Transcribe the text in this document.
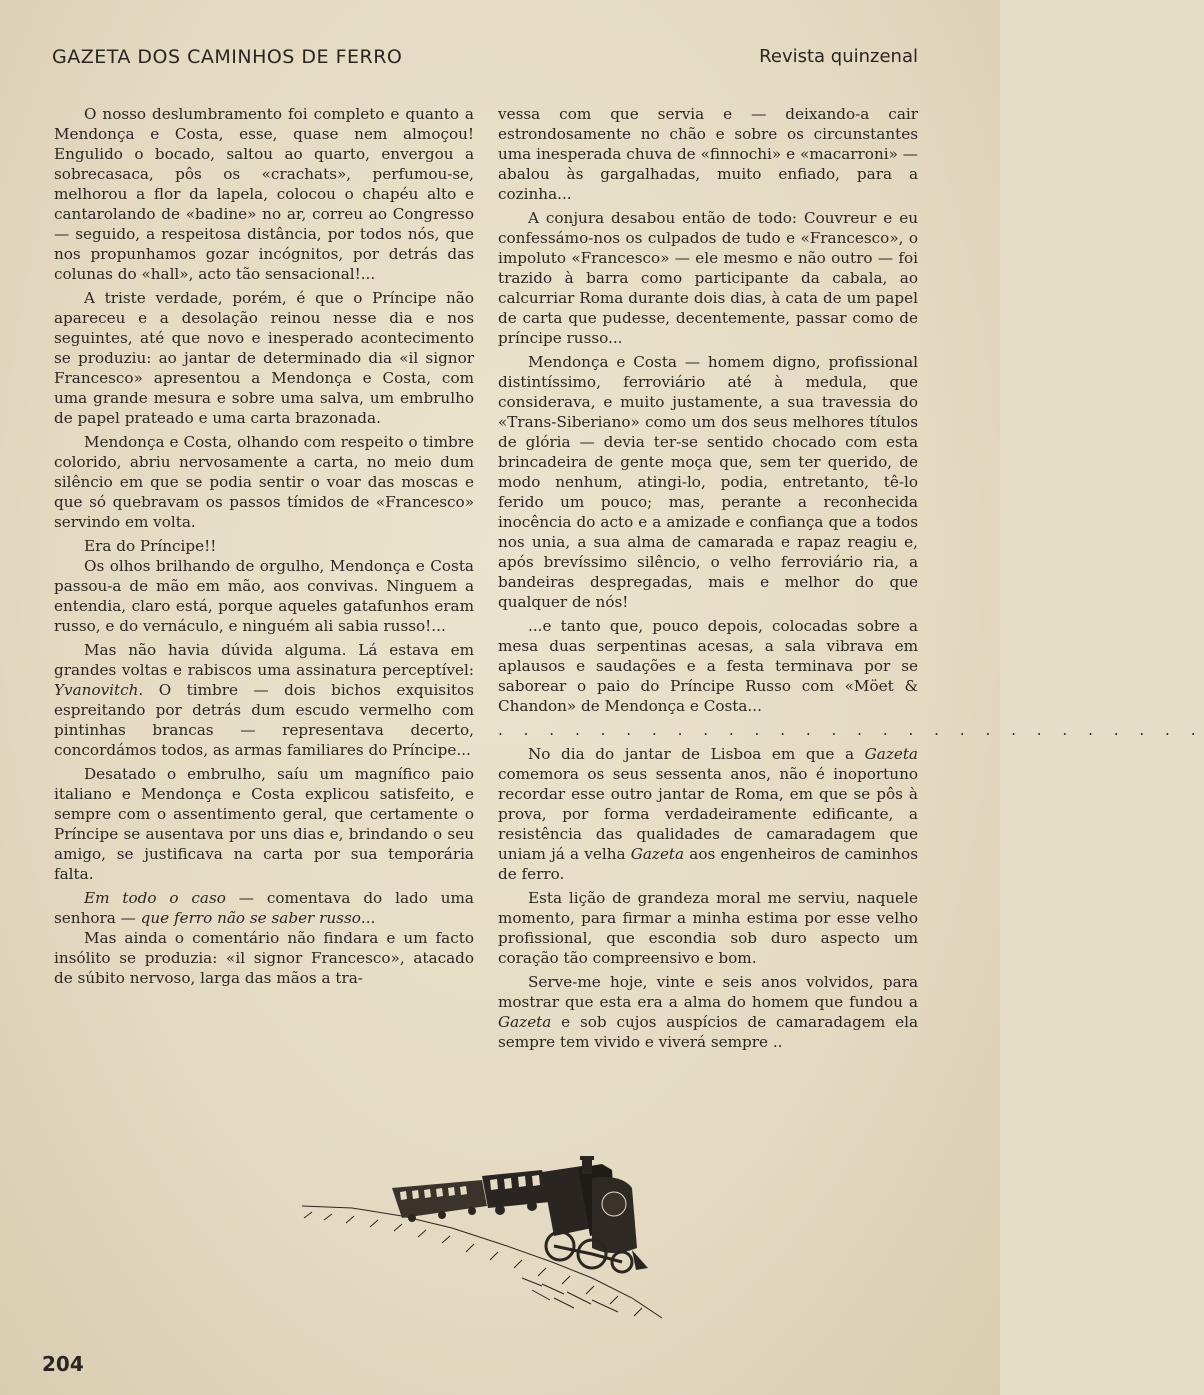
GAZETA DOS CAMINHOS DE FERRO	Revista quinzenal

O nosso deslumbramento foi completo e quanto a Mendonça e Costa, esse, quase nem almoçou! Engulido o bocado, saltou ao quarto, envergou a sobrecasaca, pôs os «crachats», perfumou-se, melhorou a flor da lapela, colocou o chapéu alto e cantarolando de «badine» no ar, correu ao Congresso — seguido, a respeitosa distância, por todos nós, que nos propunhamos gozar incógnitos, por detrás das colunas do «hall», acto tão sensacional!...

A triste verdade, porém, é que o Príncipe não apareceu e a desolação reinou nesse dia e nos seguintes, até que novo e inesperado acontecimento se produziu: ao jantar de determinado dia «il signor Francesco» apresentou a Mendonça e Costa, com uma grande mesura e sobre uma salva, um embrulho de papel prateado e uma carta brazonada.

Mendonça e Costa, olhando com respeito o timbre colorido, abriu nervosamente a carta, no meio dum silêncio em que se podia sentir o voar das moscas e que só quebravam os passos tímidos de «Francesco» servindo em volta.

Era do Príncipe!!

Os olhos brilhando de orgulho, Mendonça e Costa passou-a de mão em mão, aos convivas. Ninguem a entendia, claro está, porque aqueles gatafunhos eram russo, e do vernáculo, e ninguém ali sabia russo!...

Mas não havia dúvida alguma. Lá estava em grandes voltas e rabiscos uma assinatura perceptível: Yvanovitch. O timbre — dois bichos exquisitos espreitando por detrás dum escudo vermelho com pintinhas brancas — representava decerto, concordámos todos, as armas familiares do Príncipe...

Desatado o embrulho, saíu um magnífico paio italiano e Mendonça e Costa explicou satisfeito, e sempre com o assentimento geral, que certamente o Príncipe se ausentava por uns dias e, brindando o seu amigo, se justificava na carta por sua temporária falta.

Em todo o caso — comentava do lado uma senhora — que ferro não se saber russo...

Mas ainda o comentário não findara e um facto insólito se produzia: «il signor Francesco», atacado de súbito nervoso, larga das mãos a tra-

vessa com que servia e — deixando-a cair estrondosamente no chão e sobre os circunstantes uma inesperada chuva de «finnochi» e «macarroni» — abalou às gargalhadas, muito enfiado, para a cozinha...

A conjura desabou então de todo: Couvreur e eu confessámo-nos os culpados de tudo e «Francesco», o impoluto «Francesco» — ele mesmo e não outro — foi trazido à barra como participante da cabala, ao calcurriar Roma durante dois dias, à cata de um papel de carta que pudesse, decentemente, passar como de príncipe russo...

Mendonça e Costa — homem digno, profissional distintíssimo, ferroviário até à medula, que considerava, e muito justamente, a sua travessia do «Trans-Siberiano» como um dos seus melhores títulos de glória — devia ter-se sentido chocado com esta brincadeira de gente moça que, sem ter querido, de modo nenhum, atingi-lo, podia, entretanto, tê-lo ferido um pouco; mas, perante a reconhecida inocência do acto e a amizade e confiança que a todos nos unia, a sua alma de camarada e rapaz reagiu e, após brevíssimo silêncio, o velho ferroviário ria, a bandeiras despregadas, mais e melhor do que qualquer de nós!

...e tanto que, pouco depois, colocadas sobre a mesa duas serpentinas acesas, a sala vibrava em aplausos e saudações e a festa terminava por se saborear o paio do Príncipe Russo com «Möet & Chandon» de Mendonça e Costa...

. . . . . . . . . . . . . . . . . . . . . . . . . . . .

No dia do jantar de Lisboa em que a Gazeta comemora os seus sessenta anos, não é inoportuno recordar esse outro jantar de Roma, em que se pôs à prova, por forma verdadeiramente edificante, a resistência das qualidades de camaradagem que uniam já a velha Gazeta aos engenheiros de caminhos de ferro.

Esta lição de grandeza moral me serviu, naquele momento, para firmar a minha estima por esse velho profissional, que escondia sob duro aspecto um coração tão compreensivo e bom.

Serve-me hoje, vinte e seis anos volvidos, para mostrar que esta era a alma do homem que fundou a Gazeta e sob cujos auspícios de camaradagem ela sempre tem vivido e viverá sempre ..

204
